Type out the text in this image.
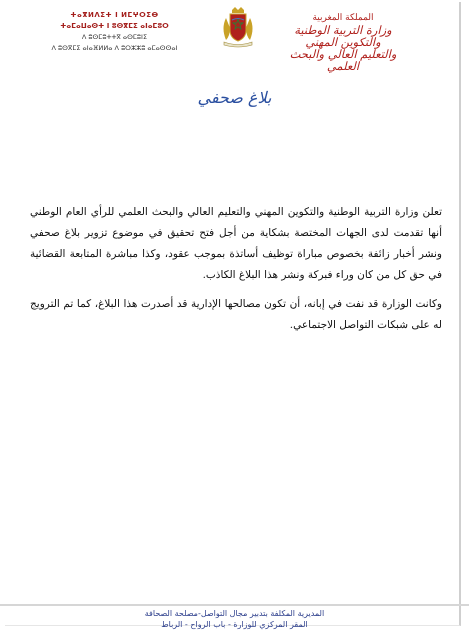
المملكة المغربية
وزارة التربية الوطنية
والتكوين المهني
والتعليم العالي والبحث العلمي
ⵜⴰⴳⵍⴷⵉⵜ ⵏ ⵍⵎⵖⵔⵉⴱ
ⵜⴰⵎⴰⵡⴰⵙⵜ ⵏ ⵓⵙⴳⵎⵉ ⴰⵏⴰⵎⵓⵔ
ⴷ ⵓⵙⵎⵓⵜⵜⴳ ⴰⵙⵎⵓⵏⵉ
ⴷ ⵓⵙⴳⵎⵉ ⴰⵏⴰⴼⵍⵍⴰ ⴷ ⵓⵔⵣⵣⵓ ⴰⵎⴰⵙⵙⴰⵏ
بلاغ صحفي
تعلن وزارة التربية الوطنية والتكوين المهني والتعليم العالي والبحث العلمي للرأي العام الوطني أنها تقدمت لدى الجهات المختصة بشكاية من أجل فتح تحقيق في موضوع تزوير بلاغ صحفي ونشر أخبار زائفة بخصوص مباراة توظيف أساتذة بموجب عقود، وكذا مباشرة المتابعة القضائية في حق كل من كان وراء فبركة ونشر هذا البلاغ الكاذب.
وكانت الوزارة قد نفت في إبانه، أن تكون مصالحها الإدارية قد أصدرت هذا البلاغ، كما تم الترويج له على شبكات التواصل الاجتماعي.
المديرية المكلفة بتدبير مجال التواصل-مصلحة الصحافة
المقر المركزي للوزارة - باب الرواح - الرباط
